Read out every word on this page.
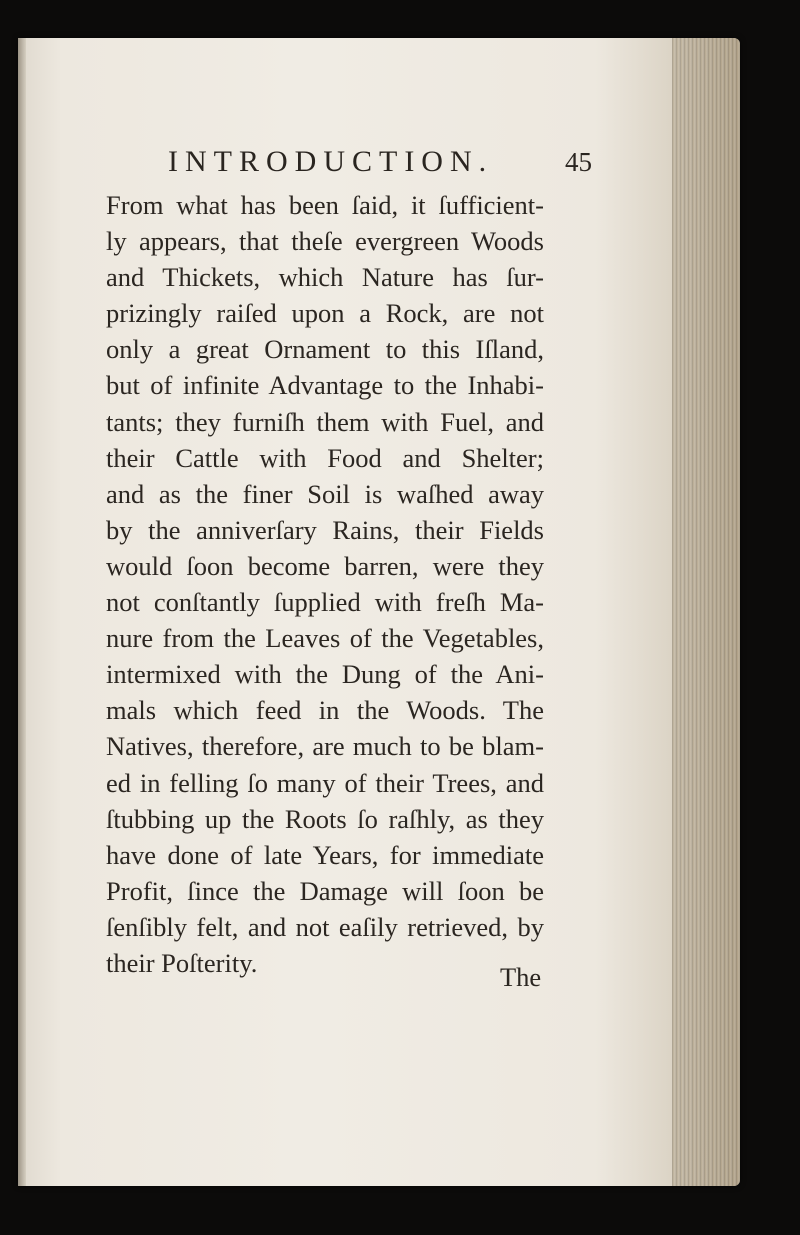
INTRODUCTION.	45
From what has been ſaid, it ſufficient-
ly appears, that theſe evergreen Woods
and Thickets, which Nature has ſur-
prizingly raiſed upon a Rock, are not
only a great Ornament to this Iſland,
but of infinite Advantage to the Inhabi-
tants; they furniſh them with Fuel, and
their Cattle with Food and Shelter;
and as the finer Soil is waſhed away
by the anniverſary Rains, their Fields
would ſoon become barren, were they
not conſtantly ſupplied with freſh Ma-
nure from the Leaves of the Vegetables,
intermixed with the Dung of the Ani-
mals which feed in the Woods. The
Natives, therefore, are much to be blam-
ed in felling ſo many of their Trees, and
ſtubbing up the Roots ſo raſhly, as they
have done of late Years, for immediate
Profit, ſince the Damage will ſoon be
ſenſibly felt, and not eaſily retrieved, by
their Poſterity.	The
